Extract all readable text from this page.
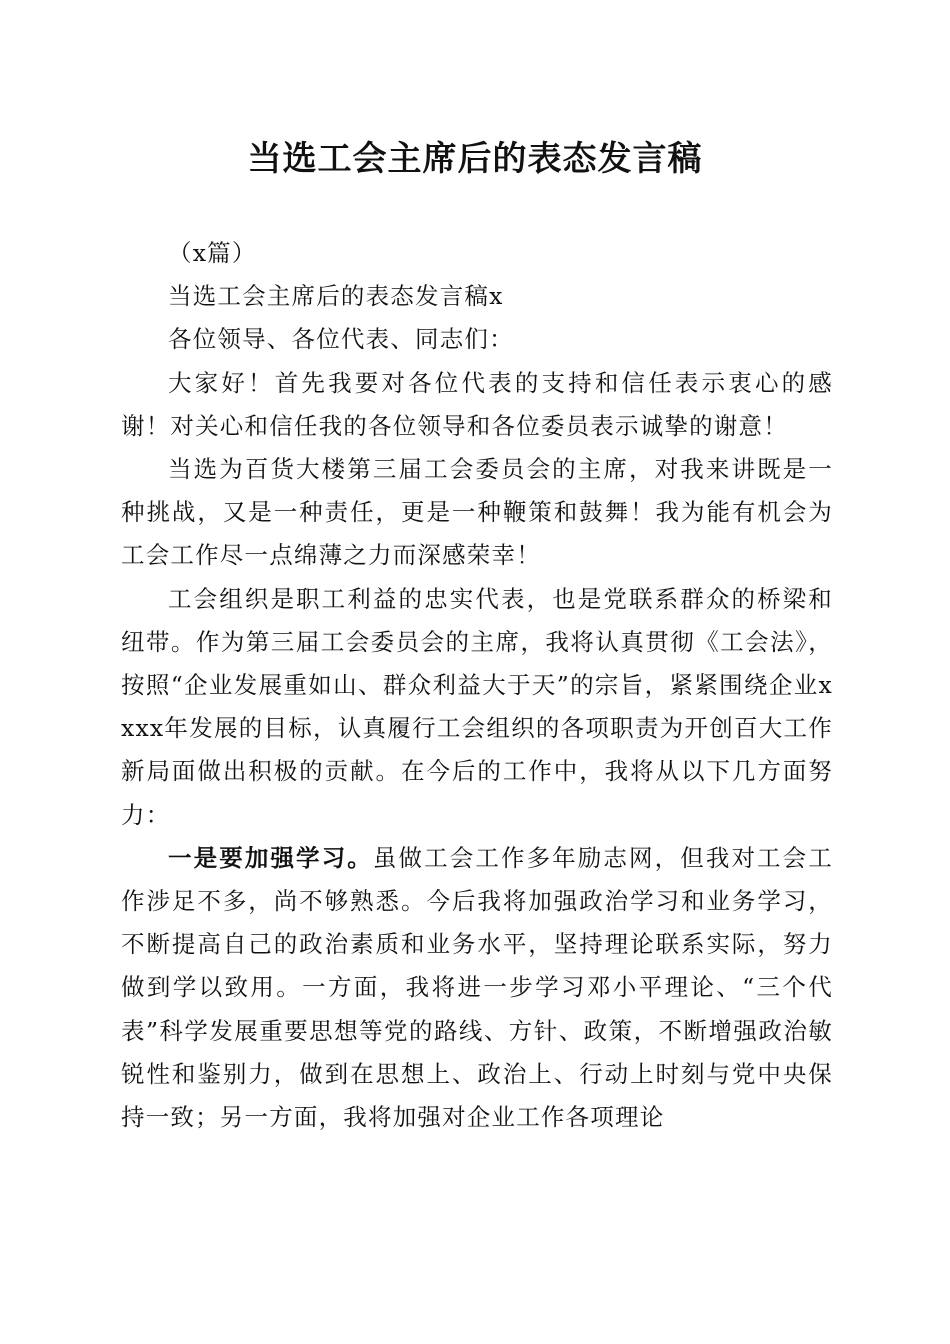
当选工会主席后的表态发言稿

（x篇）

当选工会主席后的表态发言稿x

各位领导、各位代表、同志们：

大家好！首先我要对各位代表的支持和信任表示衷心的感谢！对关心和信任我的各位领导和各位委员表示诚挚的谢意！

当选为百货大楼第三届工会委员会的主席，对我来讲既是一种挑战，又是一种责任，更是一种鞭策和鼓舞！我为能有机会为工会工作尽一点绵薄之力而深感荣幸！

工会组织是职工利益的忠实代表，也是党联系群众的桥梁和纽带。作为第三届工会委员会的主席，我将认真贯彻《工会法》，按照“企业发展重如山、群众利益大于天”的宗旨，紧紧围绕企业xxxx年发展的目标，认真履行工会组织的各项职责为开创百大工作新局面做出积极的贡献。在今后的工作中，我将从以下几方面努力：

一是要加强学习。虽做工会工作多年励志网，但我对工会工作涉足不多，尚不够熟悉。今后我将加强政治学习和业务学习，不断提高自己的政治素质和业务水平，坚持理论联系实际，努力做到学以致用。一方面，我将进一步学习邓小平理论、“三个代表”科学发展重要思想等党的路线、方针、政策，不断增强政治敏锐性和鉴别力，做到在思想上、政治上、行动上时刻与党中央保持一致；另一方面，我将加强对企业工作各项理论
